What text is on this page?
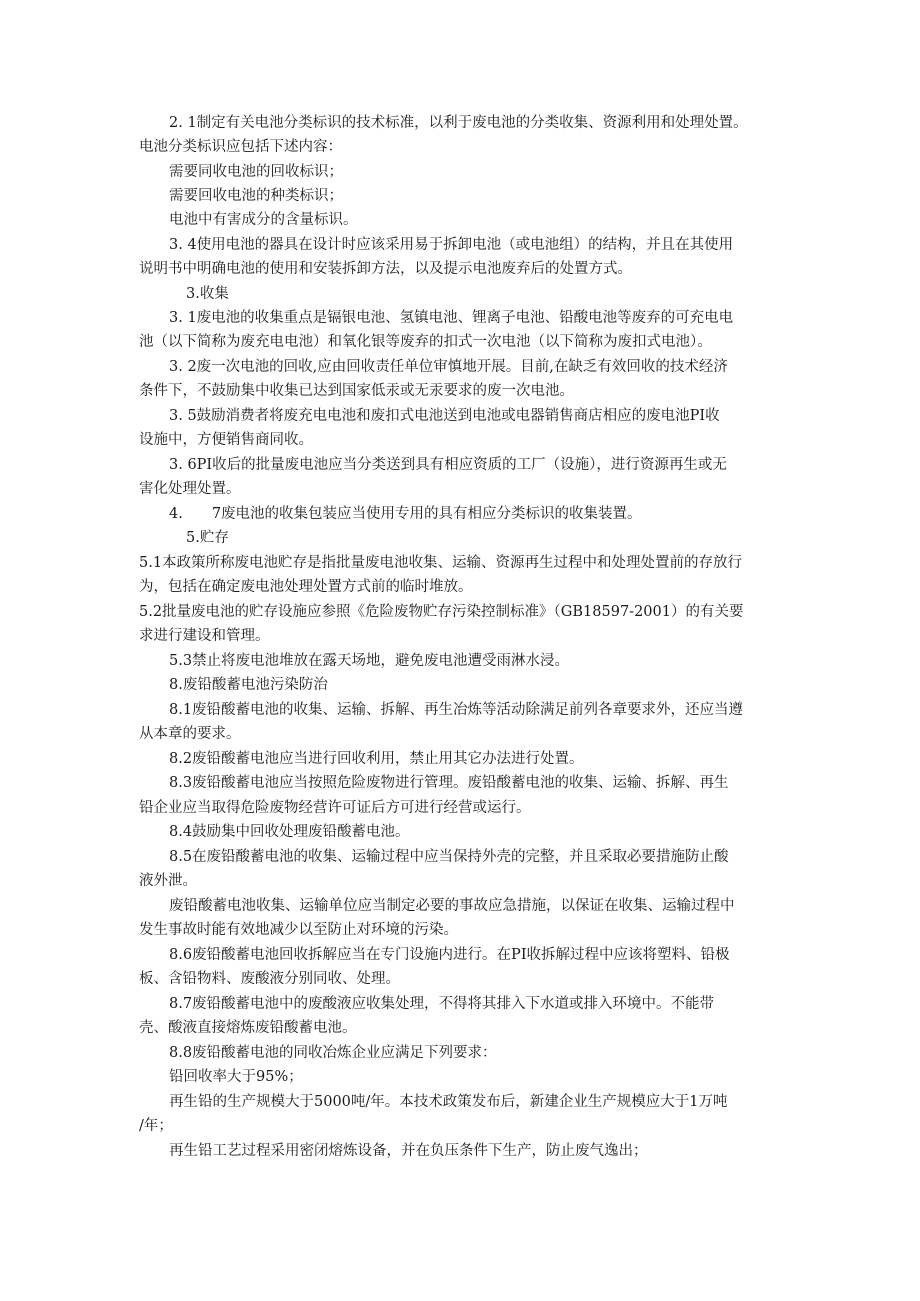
2. 1制定有关电池分类标识的技术标准，以利于废电池的分类收集、资源利用和处理处置。
电池分类标识应包括下述内容：
需要同收电池的回收标识；
需要回收电池的种类标识；
电池中有害成分的含量标识。
3. 4使用电池的器具在设计时应该采用易于拆卸电池（或电池组）的结构，并且在其使用
说明书中明确电池的使用和安装拆卸方法，以及提示电池废弃后的处置方式。
3.收集
3. 1废电池的收集重点是镉银电池、氢镇电池、锂离子电池、铅酸电池等废弃的可充电电
池（以下简称为废充电电池）和氧化银等废弃的扣式一次电池（以下简称为废扣式电池）。
3. 2废一次电池的回收,应由回收责任单位审慎地开展。目前,在缺乏有效回收的技术经济
条件下，不鼓励集中收集已达到国家低汞或无汞要求的废一次电池。
3. 5鼓励消费者将废充电电池和废扣式电池送到电池或电器销售商店相应的废电池PI收
设施中，方便销售商同收。
3. 6PI收后的批量废电池应当分类送到具有相应资质的工厂（设施），进行资源再生或无
害化处理处置。
4.　　7废电池的收集包装应当使用专用的具有相应分类标识的收集装置。
5.贮存
5.1本政策所称废电池贮存是指批量废电池收集、运输、资源再生过程中和处理处置前的存放行
为，包括在确定废电池处理处置方式前的临时堆放。
5.2批量废电池的贮存设施应参照《危险废物贮存污染控制标准》（GB18597-2001）的有关要
求进行建设和管理。
5.3禁止将废电池堆放在露天场地，避免废电池遭受雨淋水浸。
8.废铅酸蓄电池污染防治
8.1废铅酸蓄电池的收集、运输、拆解、再生冶炼等活动除满足前列各章要求外，还应当遵
从本章的要求。
8.2废铅酸蓄电池应当进行回收利用，禁止用其它办法进行处置。
8.3废铅酸蓄电池应当按照危险废物进行管理。废铅酸蓄电池的收集、运输、拆解、再生
铅企业应当取得危险废物经营许可证后方可进行经营或运行。
8.4鼓励集中回收处理废铅酸蓄电池。
8.5在废铅酸蓄电池的收集、运输过程中应当保持外壳的完整，并且采取必要措施防止酸
液外泄。
废铅酸蓄电池收集、运输单位应当制定必要的事故应急措施，以保证在收集、运输过程中
发生事故时能有效地减少以至防止对环境的污染。
8.6废铅酸蓄电池回收拆解应当在专门设施内进行。在PI收拆解过程中应该将塑料、铅极
板、含铅物料、废酸液分别同收、处理。
8.7废铅酸蓄电池中的废酸液应收集处理，不得将其排入下水道或排入环境中。不能带
壳、酸液直接熔炼废铅酸蓄电池。
8.8废铅酸蓄电池的同收冶炼企业应满足下列要求：
铅回收率大于95%；
再生铅的生产规模大于5000吨/年。本技术政策发布后，新建企业生产规模应大于1万吨
/年；
再生铅工艺过程采用密闭熔炼设备，并在负压条件下生产，防止废气逸出；
